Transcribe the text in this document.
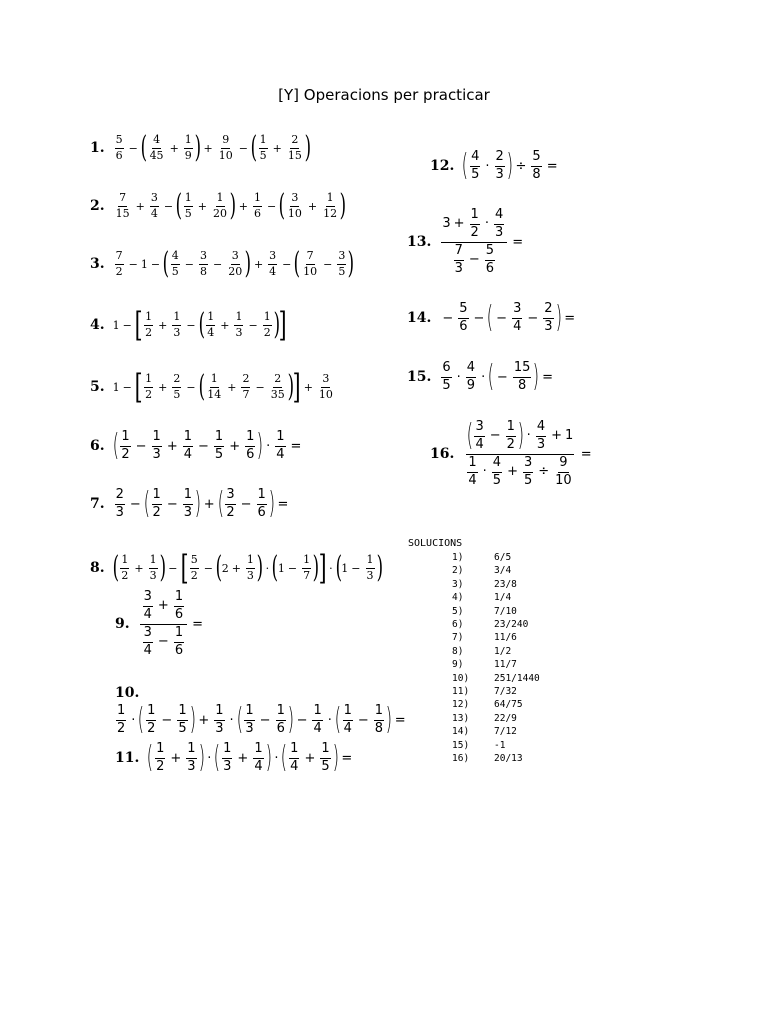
[Y] Operacions per practicar
1.
5
6
− ( 4
45
+ $\frac{1}{9}$ ) + $\frac{9}{10}$ − ( 1
5
+ $\frac{2}{15}$ )
2.
7
15
+ $\frac{3}{4}$ − ( 1
5
+ $\frac{1}{20}$ ) + $\frac{1}{6}$ − ( 3
10
+ $\frac{1}{12}$ )
3.
7
2
− 1 − ( 4
5
− $\frac{3}{8} - \frac{3}{20}$ ) + $\frac{3}{4}$ − ( 7
10
− $\frac{3}{5}$ )
4. 1 − [ 1
2
+ $\frac{1}{3}$ − ( 1
4
+ $\frac{1}{3} - \frac{1}{2}$ ) ]
5. 1 − [ 1
2
+ $\frac{2}{5}$ − ( 1
14
+ $\frac{2}{7} - \frac{2}{35}$ ) ] + $\frac{3}{10}$
6. ( 1
2
− $\frac{1}{3} + \frac{1}{4} - \frac{1}{5} + \frac{1}{6}$ ) · $\frac{1}{4}$ =
7.
2
3
− ( 1
2
− $\frac{1}{3}$ ) + ( 3
2
− $\frac{1}{6}$ ) =
8. ( 1
2
+ $\frac{1}{3}$ ) − [ 5
2
− ( $2 + \frac{1}{3}$ ) · ( $1 - \frac{1}{7}$ ) ] · ( $1 - \frac{1}{3}$ )
9. 3
4
+ $\frac{1}{6}$
3
4
− $\frac{1}{6}$ =
10.
1
2
· ( 1
2
− $\frac{1}{5}$ ) + $\frac{1}{3}$ · ( 1
3
− $\frac{1}{6}$ ) − $\frac{1}{4}$ · ( 1
4
− $\frac{1}{8}$ ) =
11. ( 1
2
+ $\frac{1}{3}$ ) · ( 1
3
+ $\frac{1}{4}$ ) · ( 1
4
+ $\frac{1}{5}$ ) =
12. ( 4
5
·
2
3 ) ÷ $\frac{5}{8}$ =
13. $3 + \frac{1}{2}$ ·
4
3
7
3
− $\frac{5}{6}$ =
14. − $\frac{5}{6}$ − ( − $\frac{3}{4} - \frac{2}{3}$ ) =
15.
6
5
·
4
9
· ( − $\frac{15}{8}$ ) =
16. ( 3
4
− $\frac{1}{2}$ ) ·
4
3
+ 1
1
4
·
4
5
+ $\frac{3}{5} \div \frac{9}{10}$ =
SOLUCIONS
1)	6/5
2)	3/4
3)	23/8
4)	1/4
5)	7/10
6)	23/240
7)	11/6
8)	1/2
9)	11/7
10)	251/1440
11)	7/32
12)	64/75
13)	22/9
14)	7/12
15)	-1
16)	20/13
